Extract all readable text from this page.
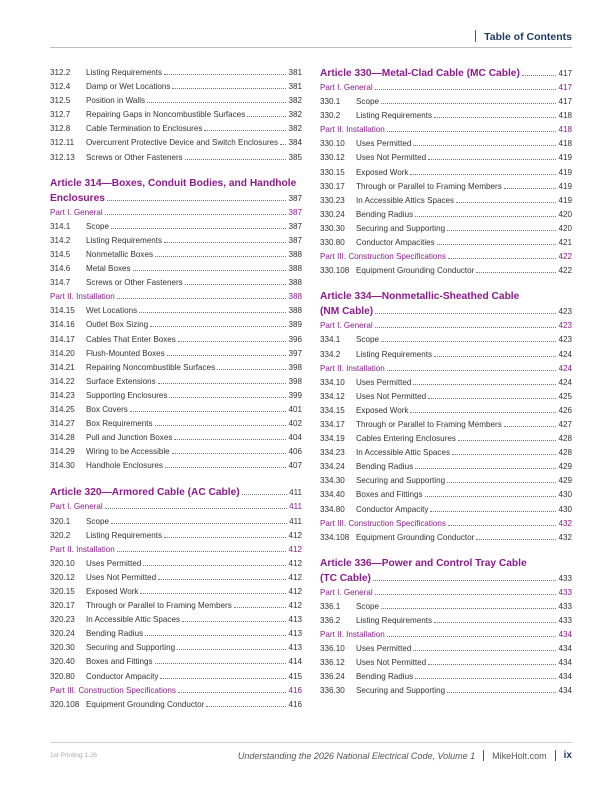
Table of Contents
312.2	Listing Requirements	381
312.4	Damp or Wet Locations	381
312.5	Position in Walls	382
312.7	Repairing Gaps in Noncombustible Surfaces	382
312.8	Cable Termination to Enclosures	382
312.11	Overcurrent Protective Device and Switch Enclosures 384
312.13	Screws or Other Fasteners	385
Article 314—Boxes, Conduit Bodies, and Handhole
Enclosures	387
Part I. General	387
314.1	Scope	387
314.2	Listing Requirements	387
314.5	Nonmetallic Boxes	388
314.6	Metal Boxes	388
314.7	Screws or Other Fasteners	388
Part II. Installation	388
314.15	Wet Locations	388
314.16	Outlet Box Sizing	389
314.17	Cables That Enter Boxes	396
314.20	Flush-Mounted Boxes	397
314.21	Repairing Noncombustible Surfaces	398
314.22	Surface Extensions	398
314.23	Supporting Enclosures	399
314.25	Box Covers	401
314.27	Box Requirements	402
314.28	Pull and Junction Boxes	404
314.29	Wiring to be Accessible	406
314.30	Handhole Enclosures	407
Article 320—Armored Cable (AC Cable)	411
Part I. General	411
320.1	Scope	411
320.2	Listing Requirements	412
Part II. Installation	412
320.10	Uses Permitted	412
320.12	Uses Not Permitted	412
320.15	Exposed Work	412
320.17	Through or Parallel to Framing Members	412
320.23	In Accessible Attic Spaces	413
320.24	Bending Radius	413
320.30	Securing and Supporting	413
320.40	Boxes and Fittings	414
320.80	Conductor Ampacity	415
Part III. Construction Specifications	416
320.108 Equipment Grounding Conductor	416
Article 330—Metal-Clad Cable (MC Cable)	417
Part I. General	417
330.1	Scope	417
330.2	Listing Requirements	418
Part II. Installation	418
330.10	Uses Permitted	418
330.12	Uses Not Permitted	419
330.15	Exposed Work	419
330.17	Through or Parallel to Framing Members	419
330.23	In Accessible Attics Spaces	419
330.24	Bending Radius	420
330.30	Securing and Supporting	420
330.80	Conductor Ampacities	421
Part III. Construction Specifications	422
330.108 Equipment Grounding Conductor	422
Article 334—Nonmetallic-Sheathed Cable
(NM Cable)	423
Part I. General	423
334.1	Scope	423
334.2	Listing Requirements	424
Part II. Installation	424
334.10	Uses Permitted	424
334.12	Uses Not Permitted	425
334.15	Exposed Work	426
334.17	Through or Parallel to Framing Members	427
334.19	Cables Entering Enclosures	428
334.23	In Accessible Attic Spaces	428
334.24	Bending Radius	429
334.30	Securing and Supporting	429
334.40	Boxes and Fittings	430
334.80	Conductor Ampacity	430
Part III. Construction Specifications	432
334.108 Equipment Grounding Conductor	432
Article 336—Power and Control Tray Cable
(TC Cable)	433
Part I. General	433
336.1	Scope	433
336.2	Listing Requirements	433
Part II. Installation	434
336.10	Uses Permitted	434
336.12	Uses Not Permitted	434
336.24	Bending Radius	434
336.30	Securing and Supporting	434
1st Printing 1.26	Understanding the 2026 National Electrical Code, Volume 1 MikeHolt.com ix
